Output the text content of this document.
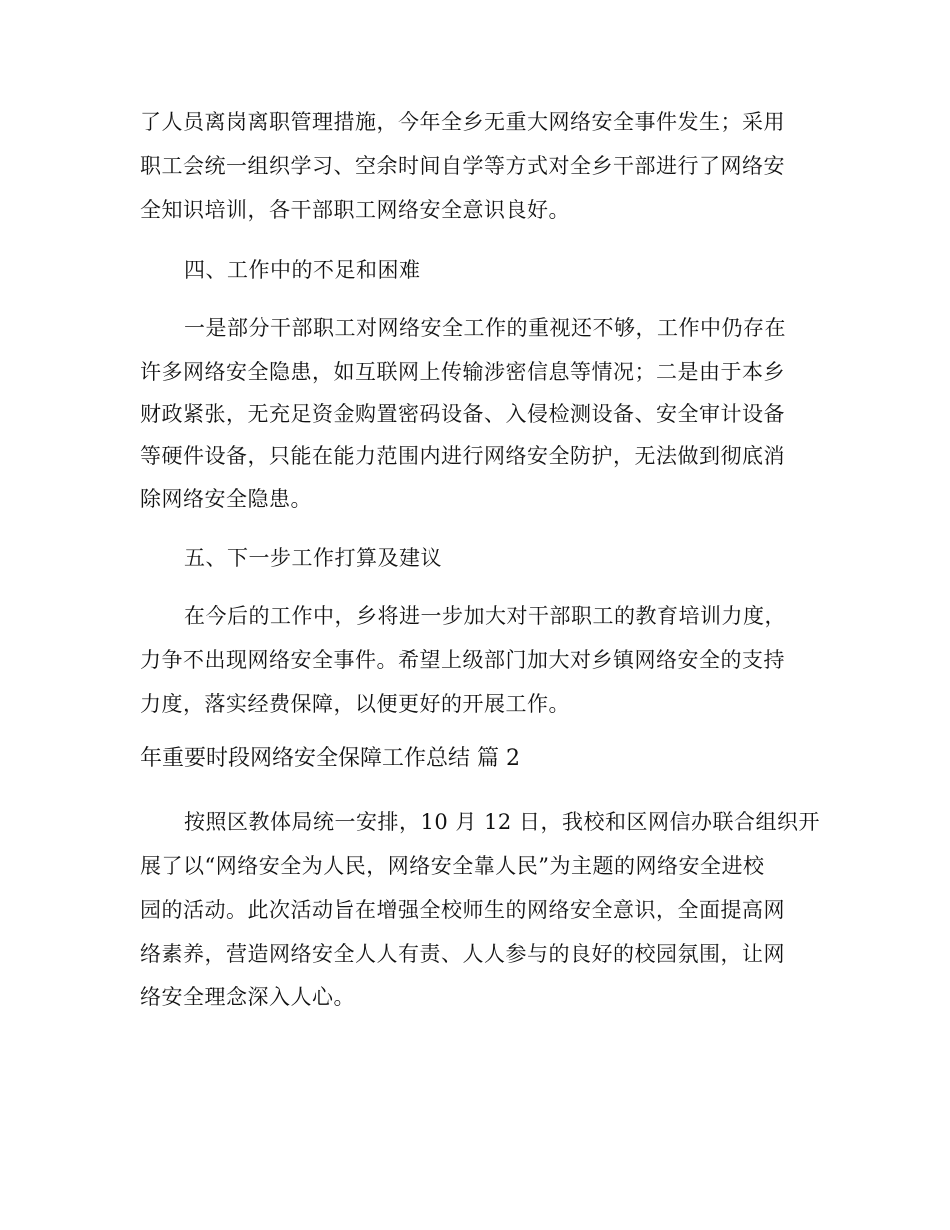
了人员离岗离职管理措施，今年全乡无重大网络安全事件发生；采用
职工会统一组织学习、空余时间自学等方式对全乡干部进行了网络安
全知识培训，各干部职工网络安全意识良好。
四、工作中的不足和困难
一是部分干部职工对网络安全工作的重视还不够，工作中仍存在
许多网络安全隐患，如互联网上传输涉密信息等情况；二是由于本乡
财政紧张，无充足资金购置密码设备、入侵检测设备、安全审计设备
等硬件设备，只能在能力范围内进行网络安全防护，无法做到彻底消
除网络安全隐患。
五、下一步工作打算及建议
在今后的工作中，乡将进一步加大对干部职工的教育培训力度，
力争不出现网络安全事件。希望上级部门加大对乡镇网络安全的支持
力度，落实经费保障，以便更好的开展工作。
年重要时段网络安全保障工作总结 篇 2
按照区教体局统一安排，10 月 12 日，我校和区网信办联合组织开
展了以“网络安全为人民，网络安全靠人民”为主题的网络安全进校
园的活动。此次活动旨在增强全校师生的网络安全意识，全面提高网
络素养，营造网络安全人人有责、人人参与的良好的校园氛围，让网
络安全理念深入人心。
